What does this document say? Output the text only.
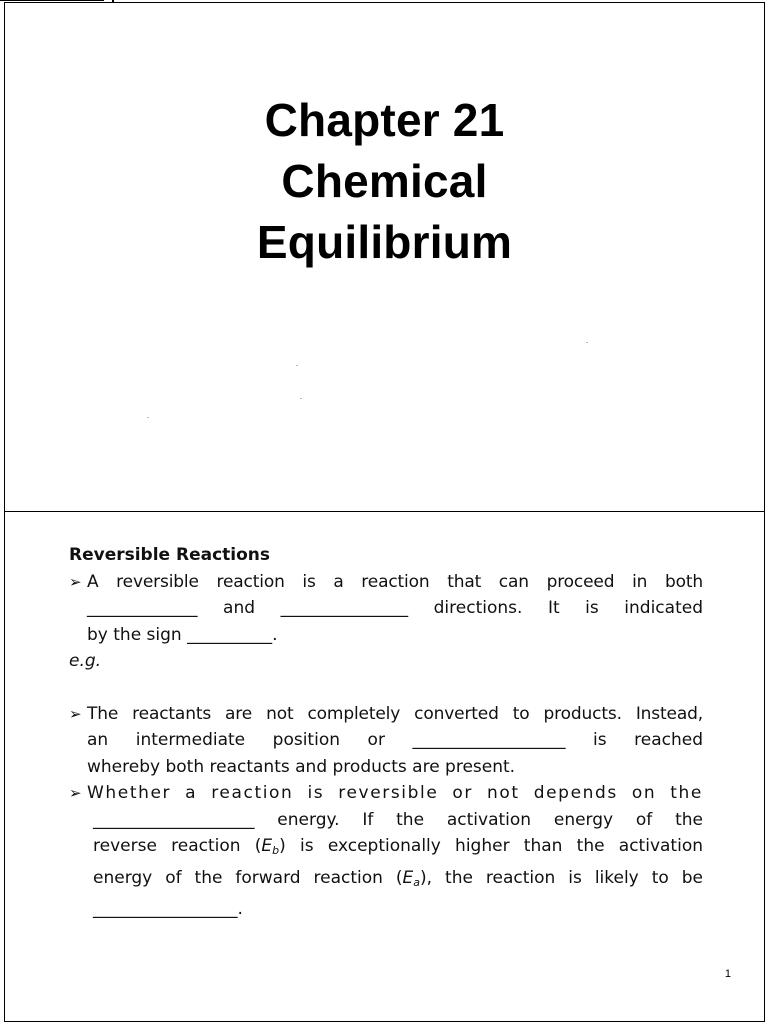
Chapter 21
Chemical
Equilibrium
Reversible Reactions
➢ A reversible reaction is a reaction that can proceed in both
_____________ and _______________ directions. It is indicated
by the sign __________.
e.g.
➢ The reactants are not completely converted to products. Instead,
an intermediate position or __________________ is reached
whereby both reactants and products are present.
➢ Whether a reaction is reversible or not depends on the
___________________ energy. If the activation energy of the
reverse reaction $(E_b)$ is exceptionally higher than the activation
energy of the forward reaction $(E_a)$, the reaction is likely to be
_________________.
1
